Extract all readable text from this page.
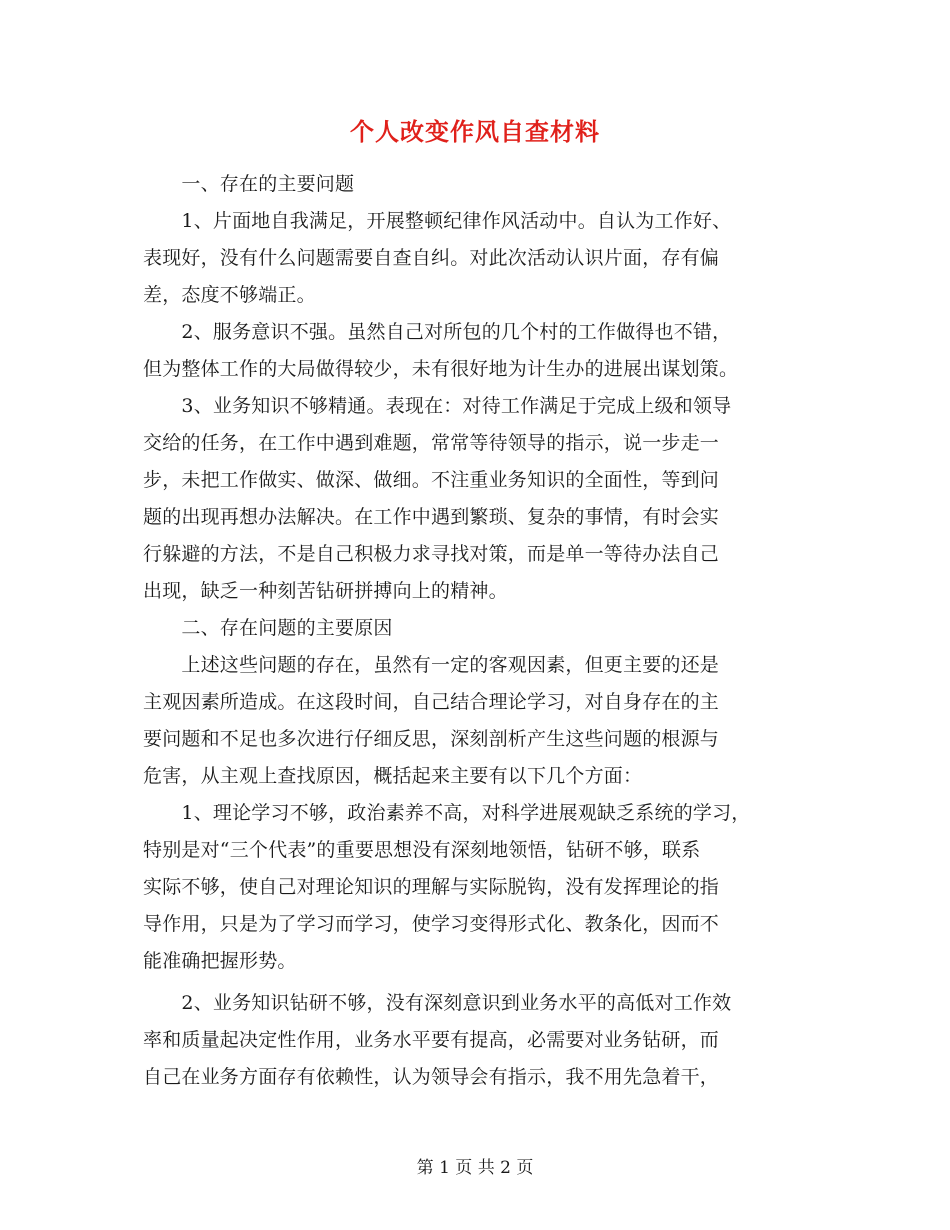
个人改变作风自查材料
　　一、存在的主要问题
　　1、片面地自我满足，开展整顿纪律作风活动中。自认为工作好、
表现好，没有什么问题需要自查自纠。对此次活动认识片面，存有偏
差，态度不够端正。
　　2、服务意识不强。虽然自己对所包的几个村的工作做得也不错，
但为整体工作的大局做得较少，未有很好地为计生办的进展出谋划策。
　　3、业务知识不够精通。表现在：对待工作满足于完成上级和领导
交给的任务，在工作中遇到难题，常常等待领导的指示，说一步走一
步，未把工作做实、做深、做细。不注重业务知识的全面性，等到问
题的出现再想办法解决。在工作中遇到繁琐、复杂的事情，有时会实
行躲避的方法，不是自己积极力求寻找对策，而是单一等待办法自己
出现，缺乏一种刻苦钻研拼搏向上的精神。
　　二、存在问题的主要原因
　　上述这些问题的存在，虽然有一定的客观因素，但更主要的还是
主观因素所造成。在这段时间，自己结合理论学习，对自身存在的主
要问题和不足也多次进行仔细反思，深刻剖析产生这些问题的根源与
危害，从主观上查找原因，概括起来主要有以下几个方面：
　　1、理论学习不够，政治素养不高，对科学进展观缺乏系统的学习，
特别是对“三个代表”的重要思想没有深刻地领悟，钻研不够，联系
实际不够，使自己对理论知识的理解与实际脱钩，没有发挥理论的指
导作用，只是为了学习而学习，使学习变得形式化、教条化，因而不
能准确把握形势。
　　2、业务知识钻研不够，没有深刻意识到业务水平的高低对工作效
率和质量起决定性作用，业务水平要有提高，必需要对业务钻研，而
自己在业务方面存有依赖性，认为领导会有指示，我不用先急着干，
第 1 页 共 2 页
